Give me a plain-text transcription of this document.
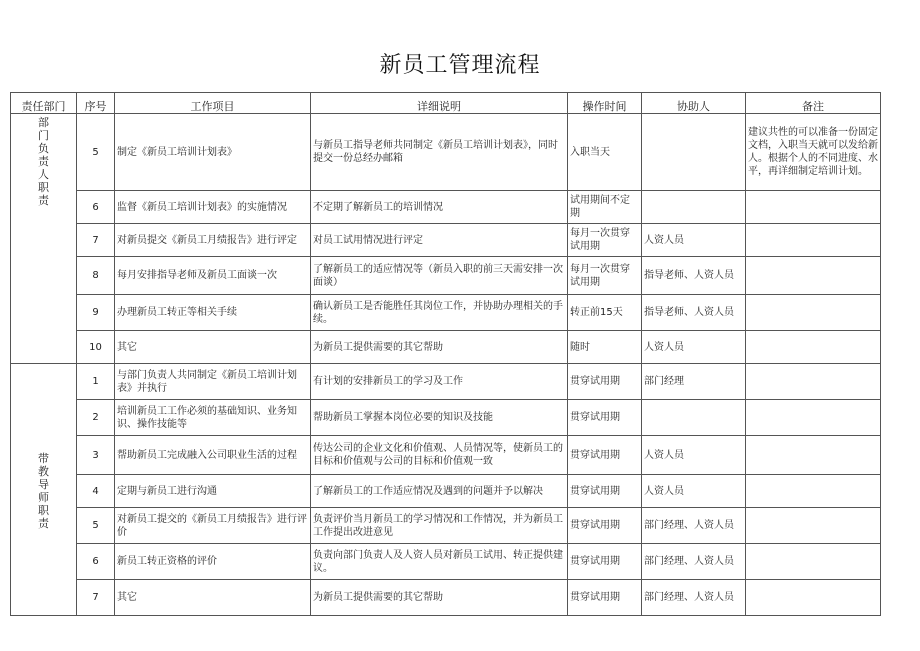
新员工管理流程
责任部门	序号	工作项目	详细说明	操作时间	协助人	备注
部门负责人职责	5	制定《新员工培训计划表》	与新员工指导老师共同制定《新员工培训计划表》，同时提交一份总经办邮箱	入职当天		建议共性的可以准备一份固定文档，入职当天就可以发给新人。根据个人的不同进度、水平，再详细制定培训计划。
	6	监督《新员工培训计划表》的实施情况	不定期了解新员工的培训情况	试用期间不定期		
	7	对新员提交《新员工月绩报告》进行评定	对员工试用情况进行评定	每月一次贯穿试用期	人资人员	
	8	每月安排指导老师及新员工面谈一次	了解新员工的适应情况等（新员入职的前三天需安排一次面谈）	每月一次贯穿试用期	指导老师、人资人员	
	9	办理新员工转正等相关手续	确认新员工是否能胜任其岗位工作，并协助办理相关的手续。	转正前15天	指导老师、人资人员	
	10	其它	为新员工提供需要的其它帮助	随时	人资人员	
带教导师职责	1	与部门负责人共同制定《新员工培训计划表》并执行	有计划的安排新员工的学习及工作	贯穿试用期	部门经理	
	2	培训新员工工作必须的基础知识、业务知识、操作技能等	帮助新员工掌握本岗位必要的知识及技能	贯穿试用期		
	3	帮助新员工完成融入公司职业生活的过程	传达公司的企业文化和价值观、人员情况等，使新员工的目标和价值观与公司的目标和价值观一致	贯穿试用期	人资人员	
	4	定期与新员工进行沟通	了解新员工的工作适应情况及遇到的问题并予以解决	贯穿试用期	人资人员	
	5	对新员工提交的《新员工月绩报告》进行评价	负责评价当月新员工的学习情况和工作情况，并为新员工工作提出改进意见	贯穿试用期	部门经理、人资人员	
	6	新员工转正资格的评价	负责向部门负责人及人资人员对新员工试用、转正提供建议。	贯穿试用期	部门经理、人资人员	
	7	其它	为新员工提供需要的其它帮助	贯穿试用期	部门经理、人资人员	
